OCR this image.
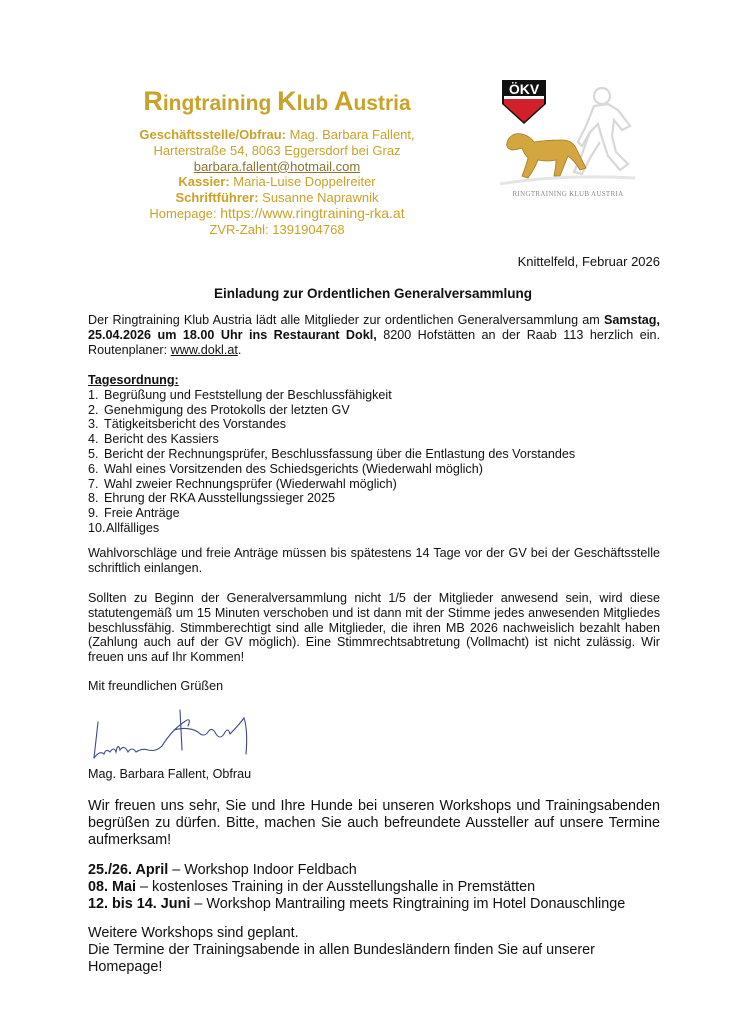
Ringtraining Klub Austria
Geschäftsstelle/Obfrau: Mag. Barbara Fallent,
Harterstraße 54, 8063 Eggersdorf bei Graz
barbara.fallent@hotmail.com
Kassier: Maria-Luise Doppelreiter
Schriftführer: Susanne Naprawnik
Homepage: https://www.ringtraining-rka.at
ZVR-Zahl: 1391904768
ÖKV
RINGTRAINING KLUB AUSTRIA
Knittelfeld, Februar 2026
Einladung zur Ordentlichen Generalversammlung
Der Ringtraining Klub Austria lädt alle Mitglieder zur ordentlichen Generalversammlung am Samstag, 25.04.2026 um 18.00 Uhr ins Restaurant Dokl, 8200 Hofstätten an der Raab 113 herzlich ein. Routenplaner: www.dokl.at.
Tagesordnung:
1. Begrüßung und Feststellung der Beschlussfähigkeit
2. Genehmigung des Protokolls der letzten GV
3. Tätigkeitsbericht des Vorstandes
4. Bericht des Kassiers
5. Bericht der Rechnungsprüfer, Beschlussfassung über die Entlastung des Vorstandes
6. Wahl eines Vorsitzenden des Schiedsgerichts (Wiederwahl möglich)
7. Wahl zweier Rechnungsprüfer (Wiederwahl möglich)
8. Ehrung der RKA Ausstellungssieger 2025
9. Freie Anträge
10. Allfälliges
Wahlvorschläge und freie Anträge müssen bis spätestens 14 Tage vor der GV bei der Geschäftsstelle schriftlich einlangen.
Sollten zu Beginn der Generalversammlung nicht 1/5 der Mitglieder anwesend sein, wird diese statutengemäß um 15 Minuten verschoben und ist dann mit der Stimme jedes anwesenden Mitgliedes beschlussfähig. Stimmberechtigt sind alle Mitglieder, die ihren MB 2026 nachweislich bezahlt haben (Zahlung auch auf der GV möglich). Eine Stimmrechtsabtretung (Vollmacht) ist nicht zulässig. Wir freuen uns auf Ihr Kommen!
Mit freundlichen Grüßen
Mag. Barbara Fallent, Obfrau
Wir freuen uns sehr, Sie und Ihre Hunde bei unseren Workshops und Trainingsabenden begrüßen zu dürfen. Bitte, machen Sie auch befreundete Aussteller auf unsere Termine aufmerksam!
25./26. April – Workshop Indoor Feldbach
08. Mai – kostenloses Training in der Ausstellungshalle in Premstätten
12. bis 14. Juni – Workshop Mantrailing meets Ringtraining im Hotel Donauschlinge
Weitere Workshops sind geplant.
Die Termine der Trainingsabende in allen Bundesländern finden Sie auf unserer Homepage!
